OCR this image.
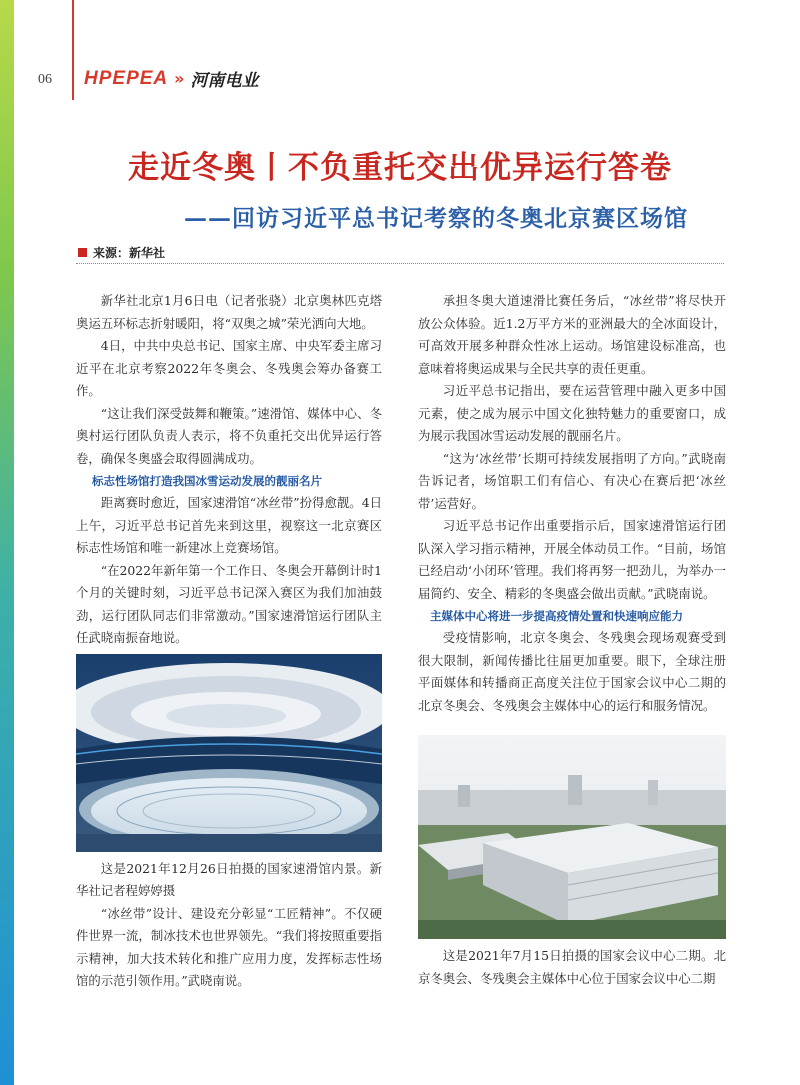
06 HPEPEA » 河南电业
走近冬奥丨不负重托交出优异运行答卷
——回访习近平总书记考察的冬奥北京赛区场馆
来源：新华社

新华社北京1月6日电（记者张骁）北京奥林匹克塔奥运五环标志折射暖阳，将“双奥之城”荣光洒向大地。

4日，中共中央总书记、国家主席、中央军委主席习近平在北京考察2022年冬奥会、冬残奥会筹办备赛工作。

“这让我们深受鼓舞和鞭策。”速滑馆、媒体中心、冬奥村运行团队负责人表示，将不负重托交出优异运行答卷，确保冬奥盛会取得圆满成功。

标志性场馆打造我国冰雪运动发展的靓丽名片

距离赛时愈近，国家速滑馆“冰丝带”扮得愈靓。4日上午，习近平总书记首先来到这里，视察这一北京赛区标志性场馆和唯一新建冰上竞赛场馆。

“在2022年新年第一个工作日、冬奥会开幕倒计时1个月的关键时刻，习近平总书记深入赛区为我们加油鼓劲，运行团队同志们非常激动。”国家速滑馆运行团队主任武晓南振奋地说。

这是2021年12月26日拍摄的国家速滑馆内景。新华社记者程婷婷摄

“冰丝带”设计、建设充分彰显“工匠精神”。不仅硬件世界一流，制冰技术也世界领先。“我们将按照重要指示精神，加大技术转化和推广应用力度，发挥标志性场馆的示范引领作用。”武晓南说。

承担冬奥大道速滑比赛任务后，“冰丝带”将尽快开放公众体验。近1.2万平方米的亚洲最大的全冰面设计，可高效开展多种群众性冰上运动。场馆建设标准高，也意味着将奥运成果与全民共享的责任更重。

习近平总书记指出，要在运营管理中融入更多中国元素，使之成为展示中国文化独特魅力的重要窗口，成为展示我国冰雪运动发展的靓丽名片。

“这为‘冰丝带’长期可持续发展指明了方向。”武晓南告诉记者，场馆职工们有信心、有决心在赛后把‘冰丝带’运营好。

习近平总书记作出重要指示后，国家速滑馆运行团队深入学习指示精神，开展全体动员工作。“目前，场馆已经启动‘小闭环’管理。我们将再努一把劲儿，为举办一届简约、安全、精彩的冬奥盛会做出贡献。”武晓南说。

主媒体中心将进一步提高疫情处置和快速响应能力

受疫情影响，北京冬奥会、冬残奥会现场观赛受到很大限制，新闻传播比往届更加重要。眼下，全球注册平面媒体和转播商正高度关注位于国家会议中心二期的北京冬奥会、冬残奥会主媒体中心的运行和服务情况。

这是2021年7月15日拍摄的国家会议中心二期。北京冬奥会、冬残奥会主媒体中心位于国家会议中心二期
